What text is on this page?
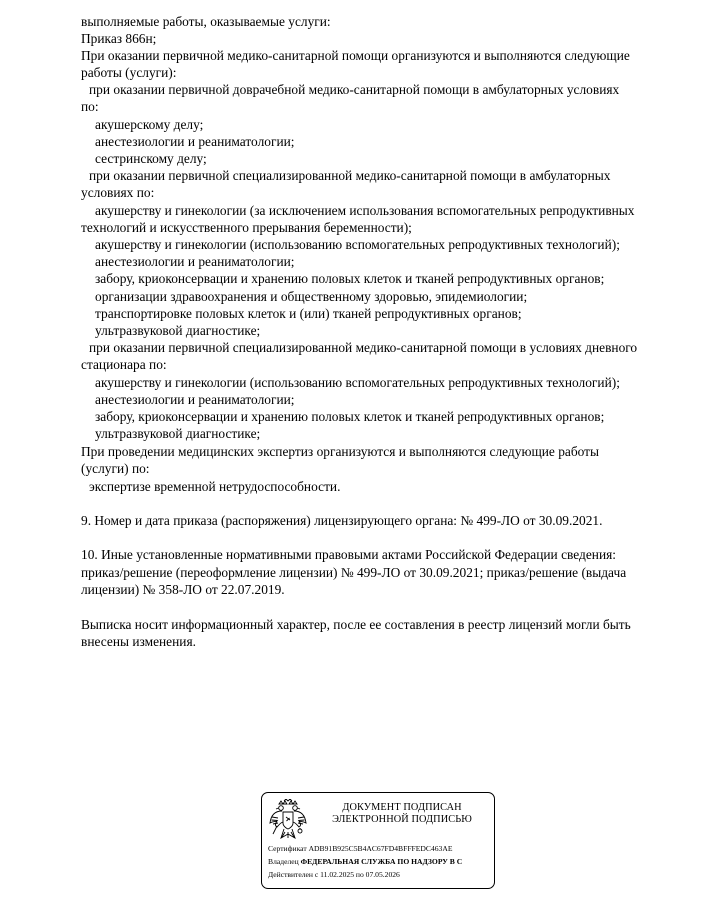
выполняемые работы, оказываемые услуги:
Приказ 866н;
При оказании первичной медико-санитарной помощи организуются и выполняются следующие
работы (услуги):
при оказании первичной доврачебной медико-санитарной помощи в амбулаторных условиях
по:
акушерскому делу;
анестезиологии и реаниматологии;
сестринскому делу;
при оказании первичной специализированной медико-санитарной помощи в амбулаторных
условиях по:
акушерству и гинекологии (за исключением использования вспомогательных репродуктивных
технологий и искусственного прерывания беременности);
акушерству и гинекологии (использованию вспомогательных репродуктивных технологий);
анестезиологии и реаниматологии;
забору, криоконсервации и хранению половых клеток и тканей репродуктивных органов;
организации здравоохранения и общественному здоровью, эпидемиологии;
транспортировке половых клеток и (или) тканей репродуктивных органов;
ультразвуковой диагностике;
при оказании первичной специализированной медико-санитарной помощи в условиях дневного
стационара по:
акушерству и гинекологии (использованию вспомогательных репродуктивных технологий);
анестезиологии и реаниматологии;
забору, криоконсервации и хранению половых клеток и тканей репродуктивных органов;
ультразвуковой диагностике;
При проведении медицинских экспертиз организуются и выполняются следующие работы
(услуги) по:
экспертизе временной нетрудоспособности.
9. Номер и дата приказа (распоряжения) лицензирующего органа: № 499-ЛО от 30.09.2021.
10. Иные установленные нормативными правовыми актами Российской Федерации сведения:
приказ/решение (переоформление лицензии) № 499-ЛО от 30.09.2021; приказ/решение (выдача
лицензии) № 358-ЛО от 22.07.2019.
Выписка носит информационный характер, после ее составления в реестр лицензий могли быть
внесены изменения.
ДОКУМЕНТ ПОДПИСАН
ЭЛЕКТРОННОЙ ПОДПИСЬЮ
Сертификат ADB91B925C5B4AC67FD4BFFFEDC463AE
Владелец ФЕДЕРАЛЬНАЯ СЛУЖБА ПО НАДЗОРУ В С
Действителен с 11.02.2025 по 07.05.2026
